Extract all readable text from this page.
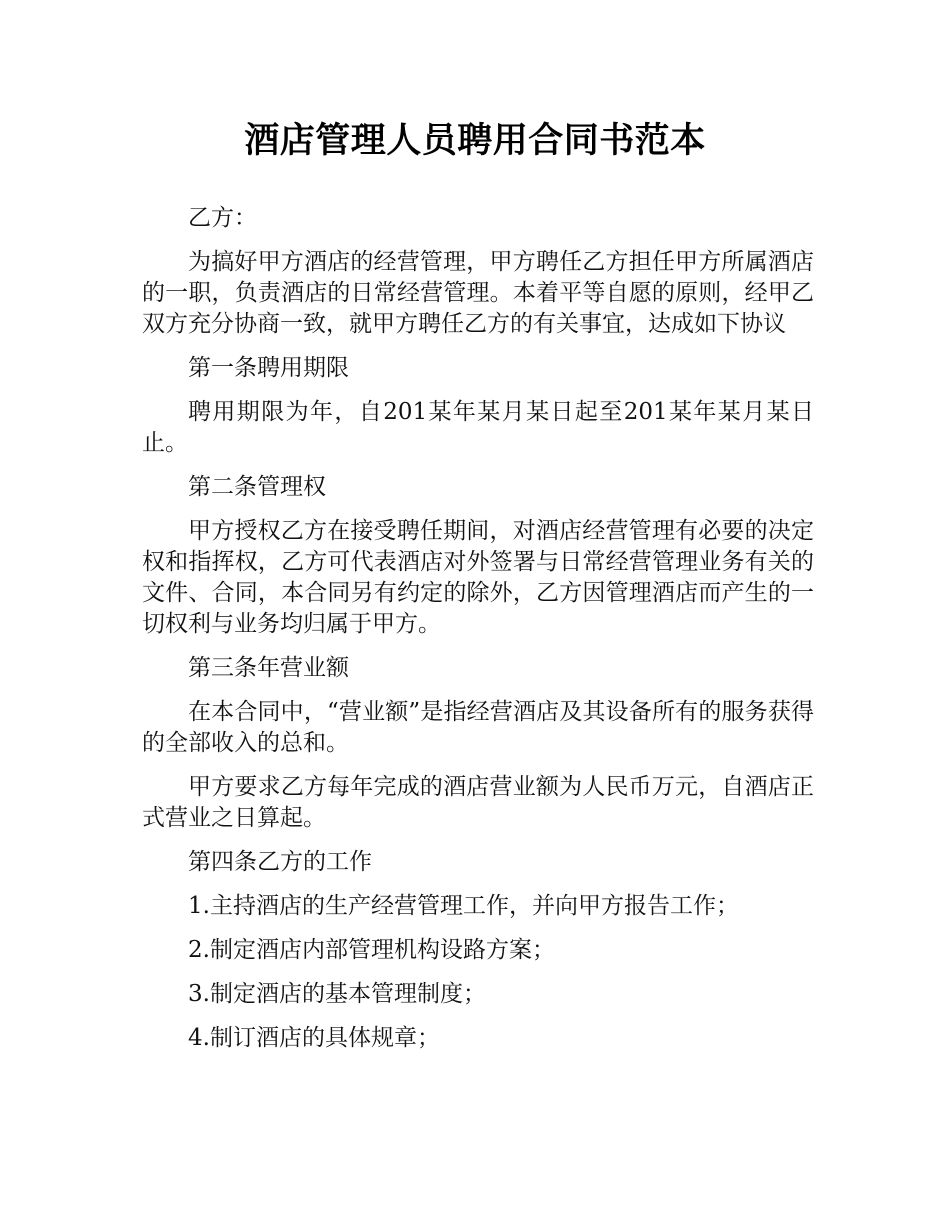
酒店管理人员聘用合同书范本

乙方：

为搞好甲方酒店的经营管理，甲方聘任乙方担任甲方所属酒店的一职，负责酒店的日常经营管理。本着平等自愿的原则，经甲乙双方充分协商一致，就甲方聘任乙方的有关事宜，达成如下协议

第一条聘用期限

聘用期限为年，自201某年某月某日起至201某年某月某日止。

第二条管理权

甲方授权乙方在接受聘任期间，对酒店经营管理有必要的决定权和指挥权，乙方可代表酒店对外签署与日常经营管理业务有关的文件、合同，本合同另有约定的除外，乙方因管理酒店而产生的一切权利与业务均归属于甲方。

第三条年营业额

在本合同中，“营业额”是指经营酒店及其设备所有的服务获得的全部收入的总和。

甲方要求乙方每年完成的酒店营业额为人民币万元，自酒店正式营业之日算起。

第四条乙方的工作

1.主持酒店的生产经营管理工作，并向甲方报告工作；

2.制定酒店内部管理机构设路方案；

3.制定酒店的基本管理制度；

4.制订酒店的具体规章；
